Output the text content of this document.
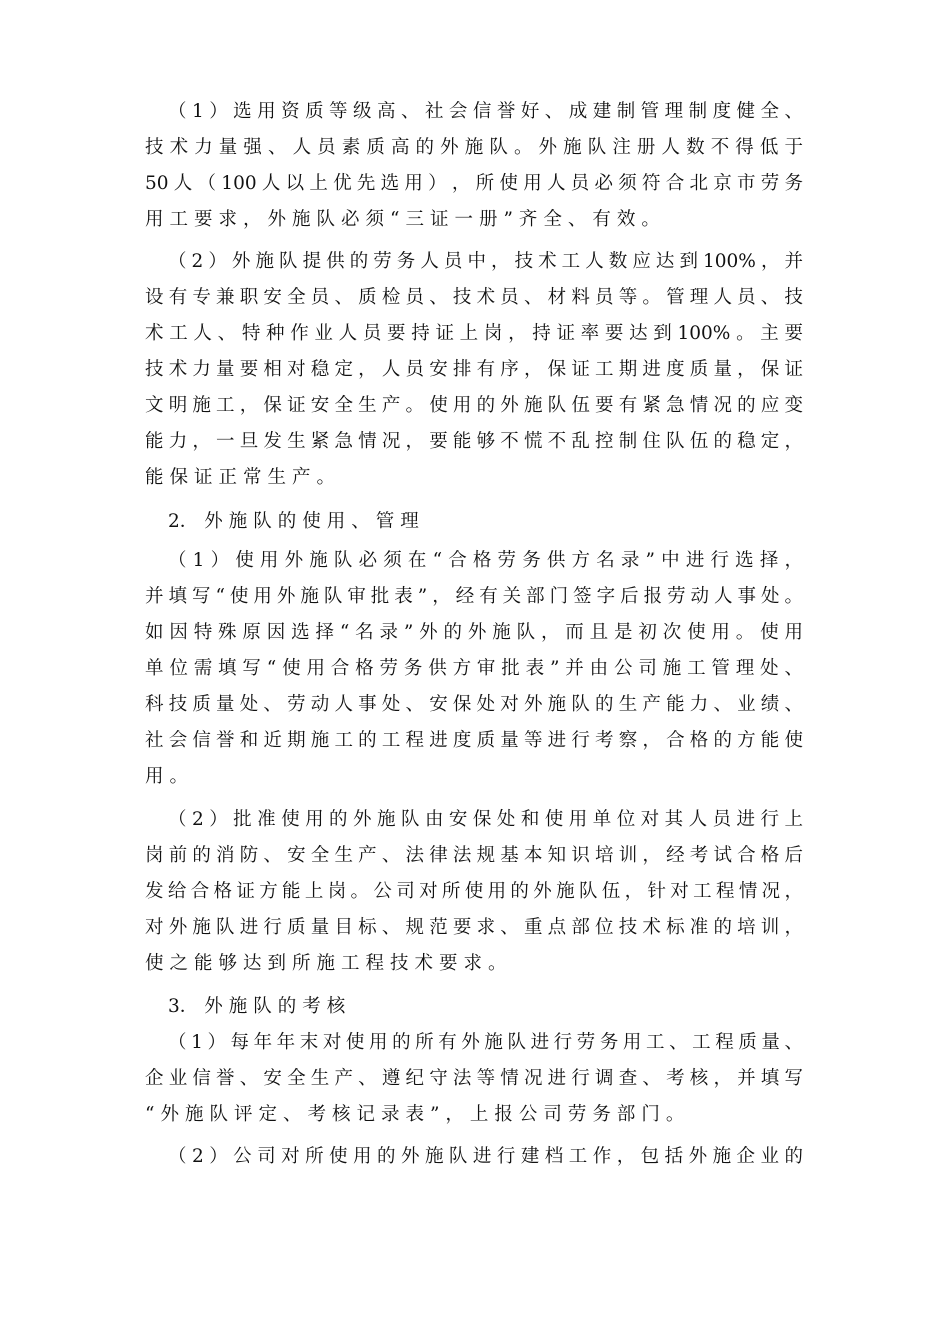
（ 1 ） 选 用 资 质 等 级 高 、 社 会 信 誉 好 、 成 建 制 管 理 制 度 健 全 、
技 术 力 量 强 、 人 员 素 质 高 的 外 施 队 。 外 施 队 注 册 人 数 不 得 低 于
50 人 （ 100 人 以 上 优 先 选 用 ） ， 所 使 用 人 员 必 须 符 合 北 京 市 劳 务
用 工 要 求 ， 外 施 队 必 须 “ 三 证 一 册 ” 齐 全 、 有 效 。
（ 2 ） 外 施 队 提 供 的 劳 务 人 员 中 ， 技 术 工 人 数 应 达 到 100% ， 并
设 有 专 兼 职 安 全 员 、 质 检 员 、 技 术 员 、 材 料 员 等 。 管 理 人 员 、 技
术 工 人 、 特 种 作 业 人 员 要 持 证 上 岗 ， 持 证 率 要 达 到 100% 。 主 要
技 术 力 量 要 相 对 稳 定 ， 人 员 安 排 有 序 ， 保 证 工 期 进 度 质 量 ， 保 证
文 明 施 工 ， 保 证 安 全 生 产 。 使 用 的 外 施 队 伍 要 有 紧 急 情 况 的 应 变
能 力 ， 一 旦 发 生 紧 急 情 况 ， 要 能 够 不 慌 不 乱 控 制 住 队 伍 的 稳 定 ，
能 保 证 正 常 生 产 。
2． 外 施 队 的 使 用 、 管 理
（ 1 ） 使 用 外 施 队 必 须 在 “ 合 格 劳 务 供 方 名 录 ” 中 进 行 选 择 ，
并 填 写 “ 使 用 外 施 队 审 批 表 ” ， 经 有 关 部 门 签 字 后 报 劳 动 人 事 处 。
如 因 特 殊 原 因 选 择 “ 名 录 ” 外 的 外 施 队 ， 而 且 是 初 次 使 用 。 使 用
单 位 需 填 写 “ 使 用 合 格 劳 务 供 方 审 批 表 ” 并 由 公 司 施 工 管 理 处 、
科 技 质 量 处 、 劳 动 人 事 处 、 安 保 处 对 外 施 队 的 生 产 能 力 、 业 绩 、
社 会 信 誉 和 近 期 施 工 的 工 程 进 度 质 量 等 进 行 考 察 ， 合 格 的 方 能 使
用 。
（ 2 ） 批 准 使 用 的 外 施 队 由 安 保 处 和 使 用 单 位 对 其 人 员 进 行 上
岗 前 的 消 防 、 安 全 生 产 、 法 律 法 规 基 本 知 识 培 训 ， 经 考 试 合 格 后
发 给 合 格 证 方 能 上 岗 。 公 司 对 所 使 用 的 外 施 队 伍 ， 针 对 工 程 情 况 ，
对 外 施 队 进 行 质 量 目 标 、 规 范 要 求 、 重 点 部 位 技 术 标 准 的 培 训 ，
使 之 能 够 达 到 所 施 工 程 技 术 要 求 。
3． 外 施 队 的 考 核
（ 1 ） 每 年 年 末 对 使 用 的 所 有 外 施 队 进 行 劳 务 用 工 、 工 程 质 量 、
企 业 信 誉 、 安 全 生 产 、 遵 纪 守 法 等 情 况 进 行 调 查 、 考 核 ， 并 填 写
“ 外 施 队 评 定 、 考 核 记 录 表 ” ， 上 报 公 司 劳 务 部 门 。
（ 2 ） 公 司 对 所 使 用 的 外 施 队 进 行 建 档 工 作 ， 包 括 外 施 企 业 的
